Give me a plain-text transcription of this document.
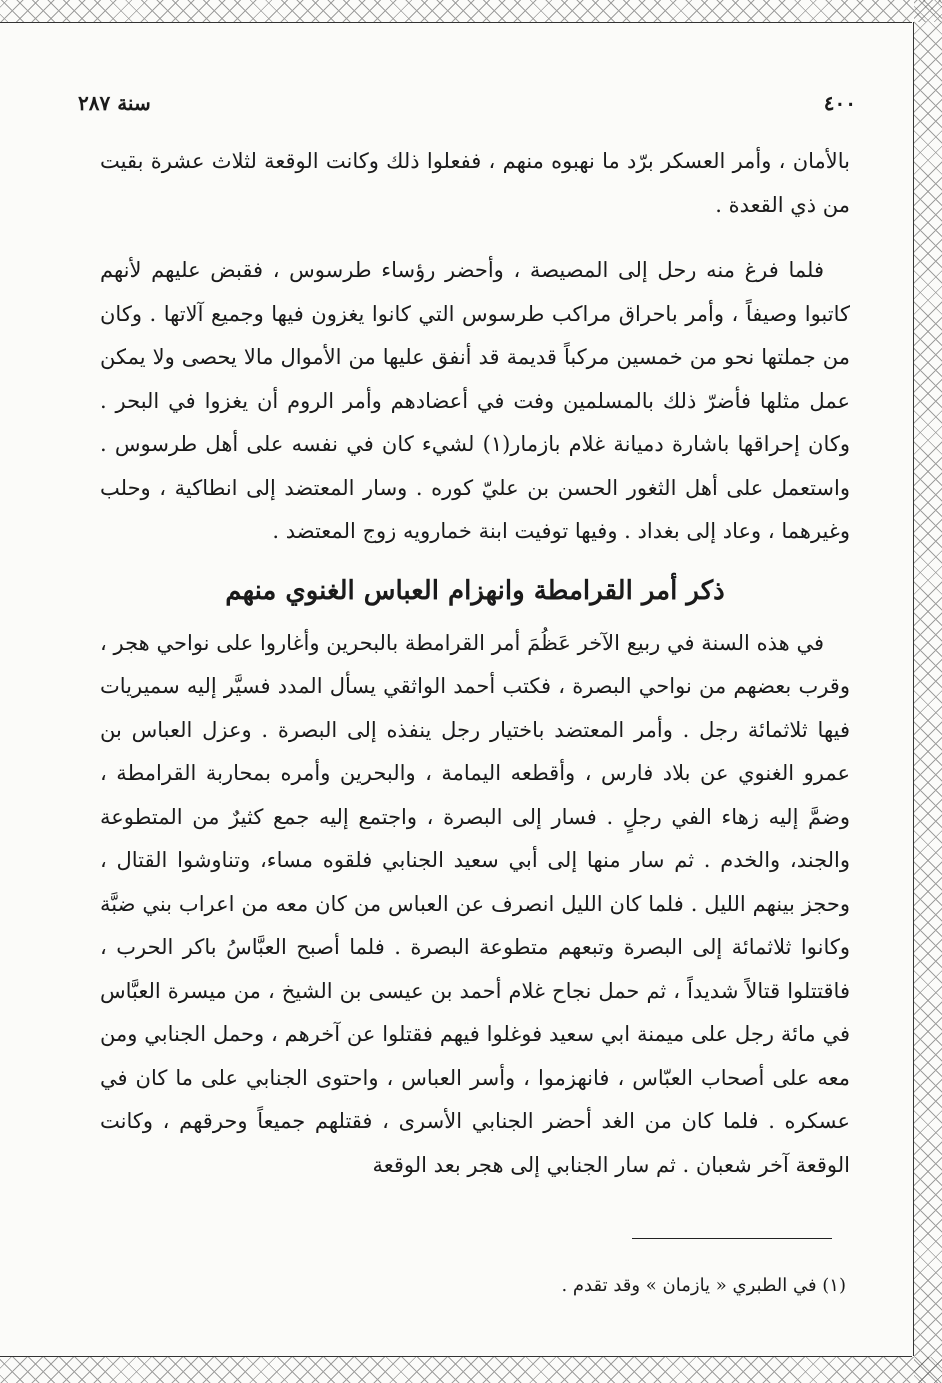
سنة ٢٨٧	٤٠٠

بالأمان ، وأمر العسكر برّد ما نهبوه منهم ، ففعلوا ذلك وكانت الوقعة لثلاث عشرة بقيت من ذي القعدة .

فلما فرغ منه رحل إلى المصيصة ، وأحضر رؤساء طرسوس ، فقبض عليهم لأنهم كاتبوا وصيفاً ، وأمر باحراق مراكب طرسوس التي كانوا يغزون فيها وجميع آلاتها . وكان من جملتها نحو من خمسين مركباً قديمة قد أنفق عليها من الأموال مالا يحصى ولا يمكن عمل مثلها فأضرّ ذلك بالمسلمين وفت في أعضادهم وأمر الروم أن يغزوا في البحر . وكان إحراقها باشارة دميانة غلام بازمار(١) لشيء كان في نفسه على أهل طرسوس . واستعمل على أهل الثغور الحسن بن عليّ كوره . وسار المعتضد إلى انطاكية ، وحلب وغيرهما ، وعاد إلى بغداد . وفيها توفيت ابنة خمارويه زوج المعتضد .

ذكر أمر القرامطة وانهزام العباس الغنوي منهم

في هذه السنة في ربيع الآخر عَظُمَ أمر القرامطة بالبحرين وأغاروا على نواحي هجر ، وقرب بعضهم من نواحي البصرة ، فكتب أحمد الواثقي يسأل المدد فسيَّر إليه سميريات فيها ثلاثمائة رجل . وأمر المعتضد باختيار رجل ينفذه إلى البصرة . وعزل العباس بن عمرو الغنوي عن بلاد فارس ، وأقطعه اليمامة ، والبحرين وأمره بمحاربة القرامطة ، وضمَّ إليه زهاء الفي رجلٍ . فسار إلى البصرة ، واجتمع إليه جمع كثيرٌ من المتطوعة والجند، والخدم . ثم سار منها إلى أبي سعيد الجنابي فلقوه مساء، وتناوشوا القتال ، وحجز بينهم الليل . فلما كان الليل انصرف عن العباس من كان معه من اعراب بني ضبَّة وكانوا ثلاثمائة إلى البصرة وتبعهم متطوعة البصرة . فلما أصبح العبَّاسُ باكر الحرب ، فاقتتلوا قتالاً شديداً ، ثم حمل نجاح غلام أحمد بن عيسى بن الشيخ ، من ميسرة العبَّاس في مائة رجل على ميمنة ابي سعيد فوغلوا فيهم فقتلوا عن آخرهم ، وحمل الجنابي ومن معه على أصحاب العبّاس ، فانهزموا ، وأسر العباس ، واحتوى الجنابي على ما كان في عسكره . فلما كان من الغد أحضر الجنابي الأسرى ، فقتلهم جميعاً وحرقهم ، وكانت الوقعة آخر شعبان . ثم سار الجنابي إلى هجر بعد الوقعة

(١) في الطبري « يازمان » وقد تقدم .
